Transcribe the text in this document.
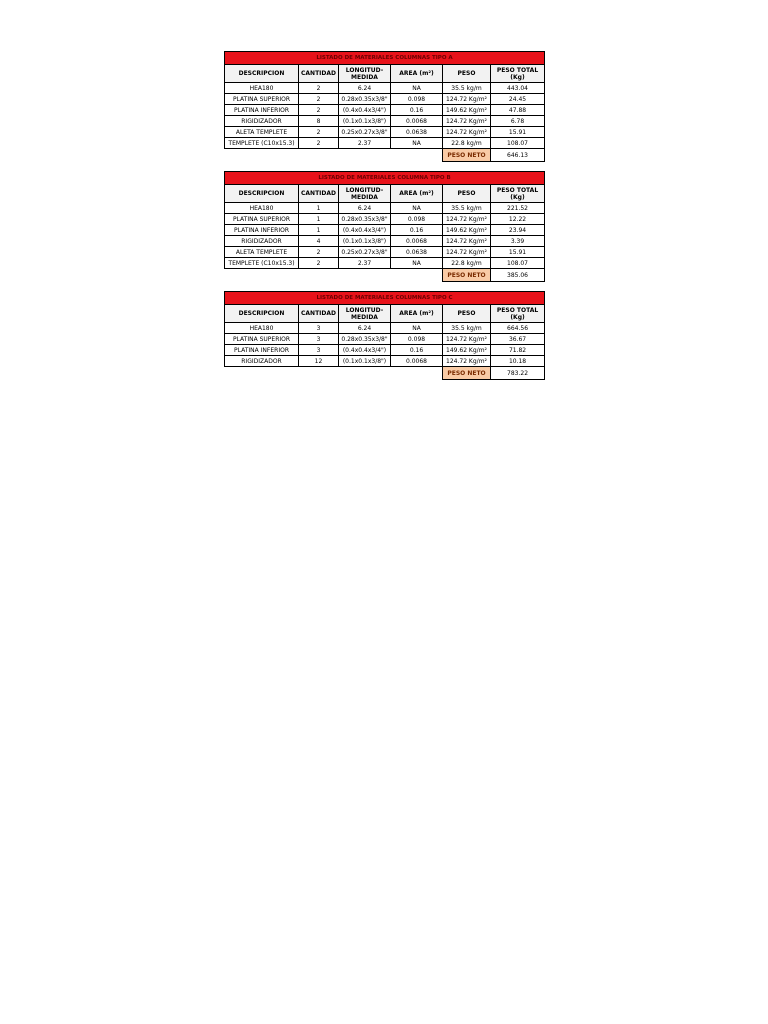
LISTADO DE MATERIALES COLUMNAS TIPO A					
DESCRIPCION	CANTIDAD	LONGITUD-MEDIDA	AREA (m²)	PESO	PESO TOTAL (Kg)
HEA180	2	6.24	NA	35.5 kg/m	443.04
PLATINA SUPERIOR	2	0.28x0.35x3/8"	0.098	124.72 Kg/m²	24.45
PLATINA INFERIOR	2	(0.4x0.4x3/4")	0.16	149.62 Kg/m²	47.88
RIGIDIZADOR	8	(0.1x0.1x3/8")	0.0068	124.72 Kg/m²	6.78
ALETA TEMPLETE	2	0.25x0.27x3/8"	0.0638	124.72 Kg/m²	15.91
TEMPLETE (C10x15.3)	2	2.37	NA	22.8 kg/m	108.07
				PESO NETO	646.13
LISTADO DE MATERIALES COLUMNA TIPO B					
DESCRIPCION	CANTIDAD	LONGITUD-MEDIDA	AREA (m²)	PESO	PESO TOTAL (Kg)
HEA180	1	6.24	NA	35.5 kg/m	221.52
PLATINA SUPERIOR	1	0.28x0.35x3/8"	0.098	124.72 Kg/m²	12.22
PLATINA INFERIOR	1	(0.4x0.4x3/4")	0.16	149.62 Kg/m²	23.94
RIGIDIZADOR	4	(0.1x0.1x3/8")	0.0068	124.72 Kg/m²	3.39
ALETA TEMPLETE	2	0.25x0.27x3/8"	0.0638	124.72 Kg/m²	15.91
TEMPLETE (C10x15.3)	2	2.37	NA	22.8 kg/m	108.07
				PESO NETO	385.06
LISTADO DE MATERIALES COLUMNAS TIPO C					
DESCRIPCION	CANTIDAD	LONGITUD-MEDIDA	AREA (m²)	PESO	PESO TOTAL (Kg)
HEA180	3	6.24	NA	35.5 kg/m	664.56
PLATINA SUPERIOR	3	0.28x0.35x3/8"	0.098	124.72 Kg/m²	36.67
PLATINA INFERIOR	3	(0.4x0.4x3/4")	0.16	149.62 Kg/m²	71.82
RIGIDIZADOR	12	(0.1x0.1x3/8")	0.0068	124.72 Kg/m²	10.18
				PESO NETO	783.22
